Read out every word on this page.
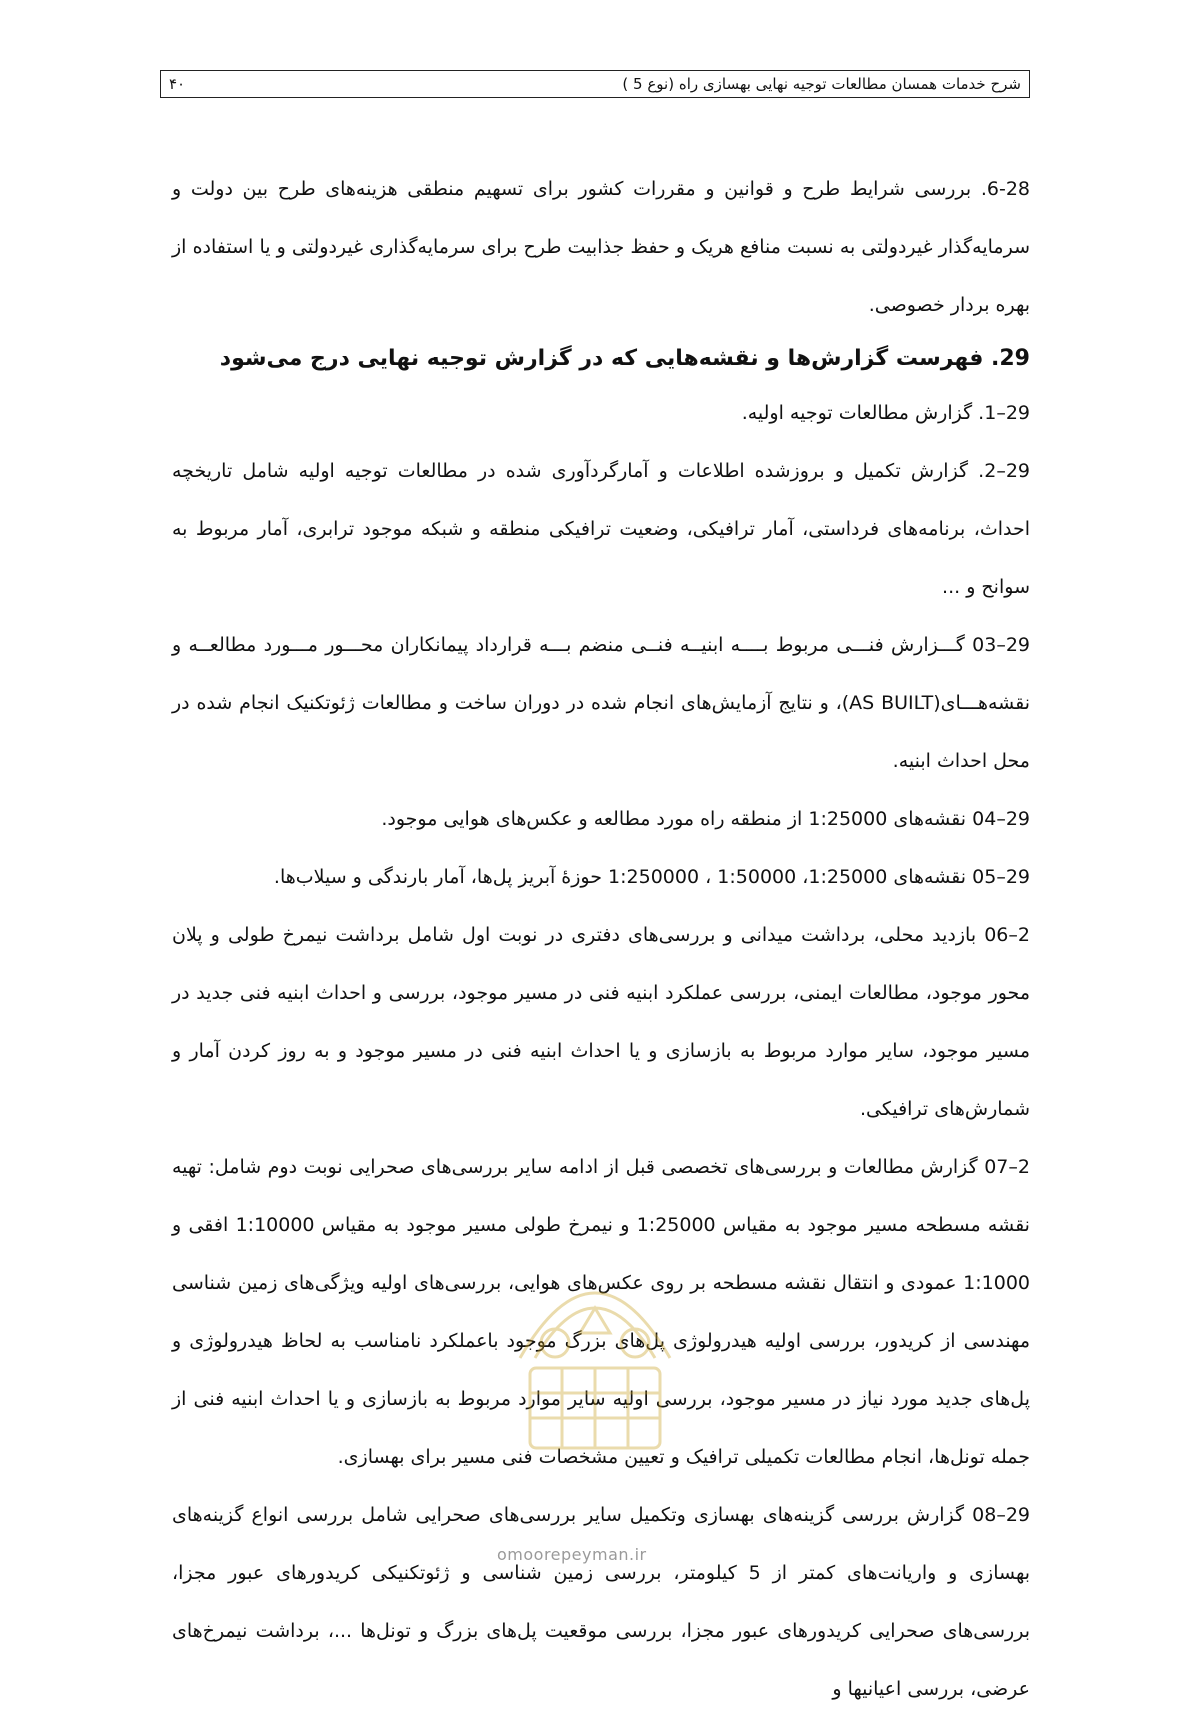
شرح خدمات همسان مطالعات توجیه نهایی بهسازی راه (نوع 5 )
۴۰

6-28. بررسی شرایط طرح و قوانین و مقررات کشور برای تسهیم منطقی هزینه‌های طرح بین دولت و سرمایه‌گذار غیردولتی به نسبت منافع هریک و حفظ جذابیت طرح برای سرمایه‌گذاری غیردولتی و یا استفاده از بهره بردار خصوصی.

29. فهرست گزارش‌ها و نقشه‌هایی که در گزارش توجیه نهایی درج می‌شود

29–1. گزارش مطالعات توجیه اولیه.

29–2. گزارش تکمیل و بروزشده اطلاعات و آمارگردآوری شده در مطالعات توجیه اولیه شامل تاریخچه احداث، برنامه‌های فرداستی، آمار ترافیکی، وضعیت ترافیکی منطقه و شبکه موجود ترابری، آمار مربوط به سوانح و ...

29–03 گـــزارش فنـــی مربوط بــــه ابنیــه فنــی منضم بـــه قرارداد پیمانکاران محـــور مـــورد مطالعــه و نقشه‌هـــای(AS BUILT)، و نتایج آزمایش‌های انجام شده در دوران ساخت و مطالعات ژئوتکنیک انجام شده در محل احداث ابنیه.

29–04 نقشه‌های 1:25000 از منطقه راه مورد مطالعه و عکس‌های هوایی موجود.

29–05 نقشه‌های 1:25000، 1:50000 ، 1:250000 حوزهٔ آبریز پل‌ها، آمار بارندگی و سیلاب‌ها.

2–06 بازدید محلی، برداشت میدانی و بررسی‌های دفتری در نوبت اول شامل برداشت نیمرخ طولی و پلان محور موجود، مطالعات ایمنی، بررسی عملکرد ابنیه فنی در مسیر موجود، بررسی و احداث ابنیه فنی جدید در مسیر موجود، سایر موارد مربوط به بازسازی و یا احداث ابنیه فنی در مسیر موجود و به روز کردن آمار و شمارش‌های ترافیکی.

2–07 گزارش مطالعات و بررسی‌های تخصصی قبل از ادامه سایر بررسی‌های صحرایی نوبت دوم شامل: تهیه نقشه مسطحه مسیر موجود به مقیاس 1:25000 و نیمرخ طولی مسیر موجود به مقیاس 1:10000 افقی و 1:1000 عمودی و انتقال نقشه مسطحه بر روی عکس‌های هوایی، بررسی‌های اولیه ویژگی‌های زمین شناسی مهندسی از کریدور، بررسی اولیه هیدرولوژی پل‌های بزرگ موجود باعملکرد نامناسب به لحاظ هیدرولوژی و پل‌های جدید مورد نیاز در مسیر موجود، بررسی اولیه سایر موارد مربوط به بازسازی و یا احداث ابنیه فنی از جمله تونل‌ها، انجام مطالعات تکمیلی ترافیک و تعیین مشخصات فنی مسیر برای بهسازی.

29–08 گزارش بررسی گزینه‌های بهسازی وتکمیل سایر بررسی‌های صحرایی شامل بررسی انواع گزینه‌های بهسازی و واریانت‌های کمتر از 5 کیلومتر، بررسی زمین شناسی و ژئوتکنیکی کریدورهای عبور مجزا، بررسی‌های صحرایی کریدورهای عبور مجزا، بررسی موقعیت پل‌های بزرگ و تونل‌ها ...، برداشت نیمرخ‌های عرضی، بررسی اعیانیها و

omoorepeyman.ir
